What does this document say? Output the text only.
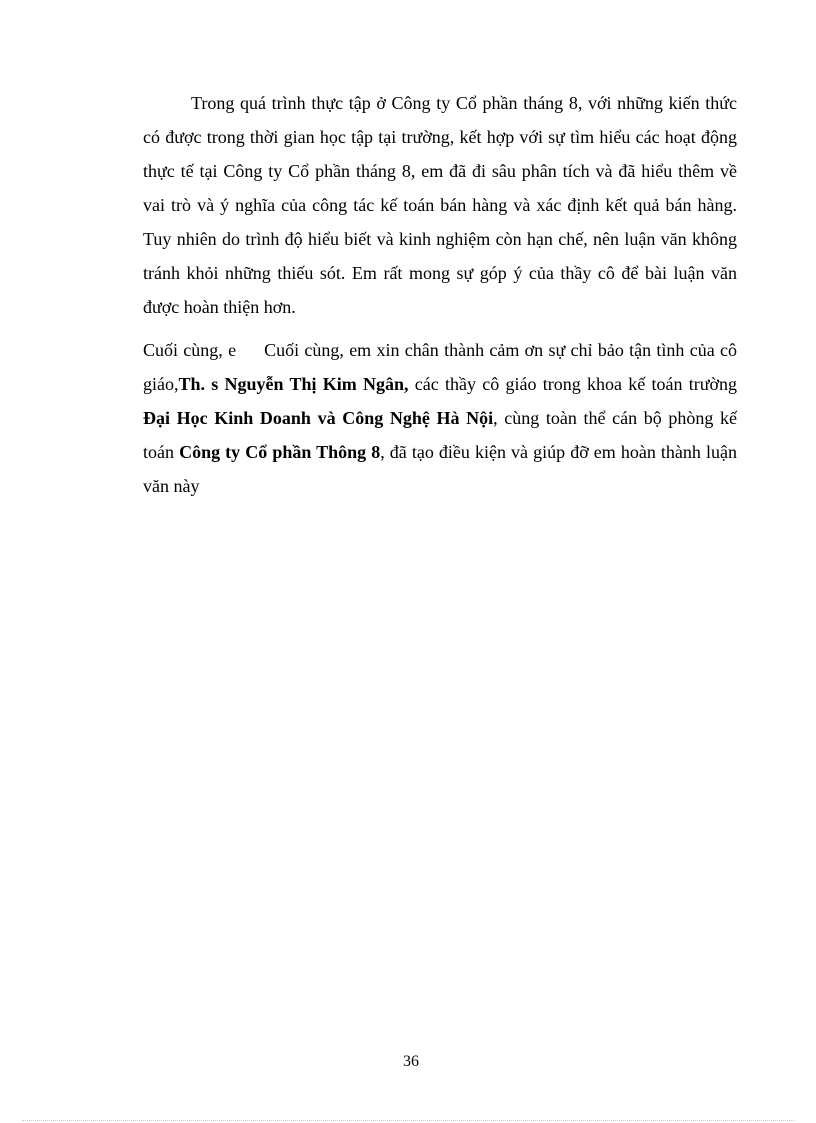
Trong quá trình thực tập ở Công ty Cổ phần tháng 8, với những kiến thức có được trong thời gian học tập tại trường, kết hợp với sự tìm hiểu các hoạt động thực tế tại Công ty Cổ phần tháng 8, em đã đi sâu phân tích và đã hiểu thêm về vai trò và ý nghĩa của công tác kế toán bán hàng và xác định kết quả bán hàng. Tuy nhiên do trình độ hiểu biết và kinh nghiệm còn hạn chế, nên luận văn không tránh khỏi những thiếu sót. Em rất mong sự góp ý của thầy cô để bài luận văn được hoàn thiện hơn.

Cuối cùng, e Cuối cùng, em xin chân thành cảm ơn sự chỉ bảo tận tình của cô giáo,Th. s Nguyễn Thị Kim Ngân, các thầy cô giáo trong khoa kế toán trường Đại Học Kinh Doanh và Công Nghệ Hà Nội, cùng toàn thể cán bộ phòng kế toán Công ty Cổ phần Thông 8, đã tạo điều kiện và giúp đỡ em hoàn thành luận văn này

36
